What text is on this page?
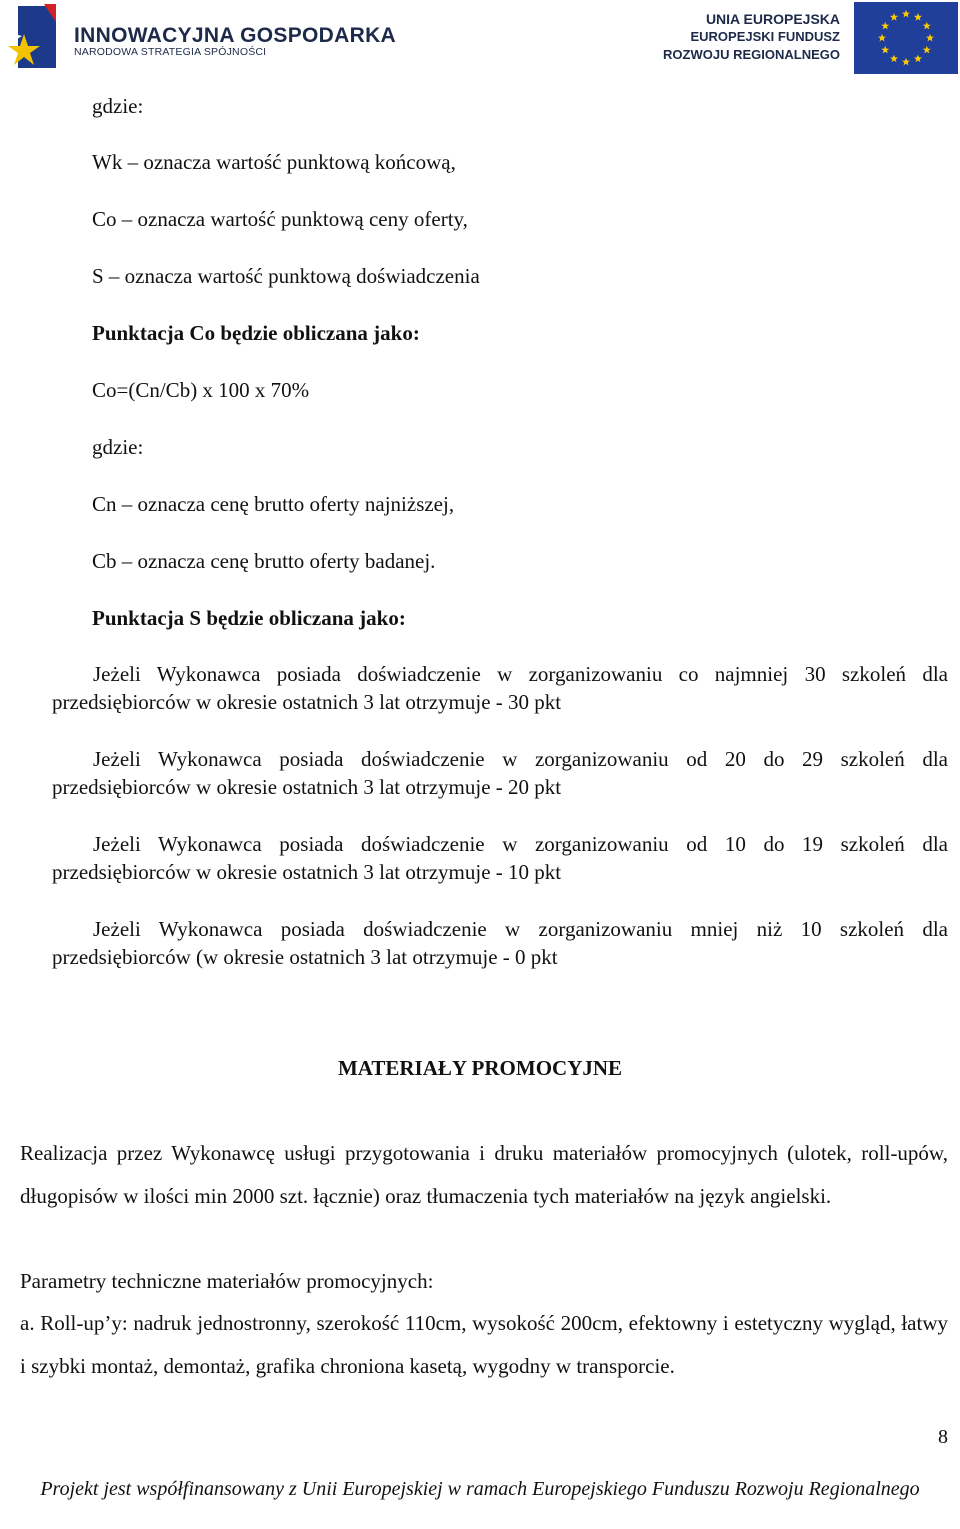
INNOWACYJNA GOSPODARKA
NARODOWA STRATEGIA SPÓJNOŚCI
UNIA EUROPEJSKA
EUROPEJSKI FUNDUSZ
ROZWOJU REGIONALNEGO
gdzie:
Wk – oznacza wartość punktową końcową,
Co – oznacza wartość punktową ceny oferty,
S – oznacza wartość punktową doświadczenia
Punktacja Co będzie obliczana jako:
Co=(Cn/Cb) x 100 x 70%
gdzie:
Cn – oznacza cenę brutto oferty najniższej,
Cb – oznacza cenę brutto oferty badanej.
Punktacja S będzie obliczana jako:
Jeżeli Wykonawca posiada doświadczenie w zorganizowaniu co najmniej 30 szkoleń dla przedsiębiorców w okresie ostatnich 3 lat otrzymuje - 30 pkt
Jeżeli Wykonawca posiada doświadczenie w zorganizowaniu od 20 do 29 szkoleń dla przedsiębiorców w okresie ostatnich 3 lat otrzymuje - 20 pkt
Jeżeli Wykonawca posiada doświadczenie w zorganizowaniu od 10 do 19 szkoleń dla przedsiębiorców w okresie ostatnich 3 lat otrzymuje - 10 pkt
Jeżeli Wykonawca posiada doświadczenie w zorganizowaniu mniej niż 10 szkoleń dla przedsiębiorców (w okresie ostatnich 3 lat otrzymuje - 0 pkt
MATERIAŁY PROMOCYJNE
Realizacja przez Wykonawcę usługi przygotowania i druku materiałów promocyjnych (ulotek, roll-upów, długopisów w ilości min 2000 szt. łącznie) oraz tłumaczenia tych materiałów na język angielski.
Parametry techniczne materiałów promocyjnych:
a. Roll-up’y: nadruk jednostronny, szerokość 110cm, wysokość 200cm, efektowny i estetyczny wygląd, łatwy i szybki montaż, demontaż, grafika chroniona kasetą, wygodny w transporcie.
8
Projekt jest współfinansowany z Unii Europejskiej w ramach Europejskiego Funduszu Rozwoju Regionalnego
